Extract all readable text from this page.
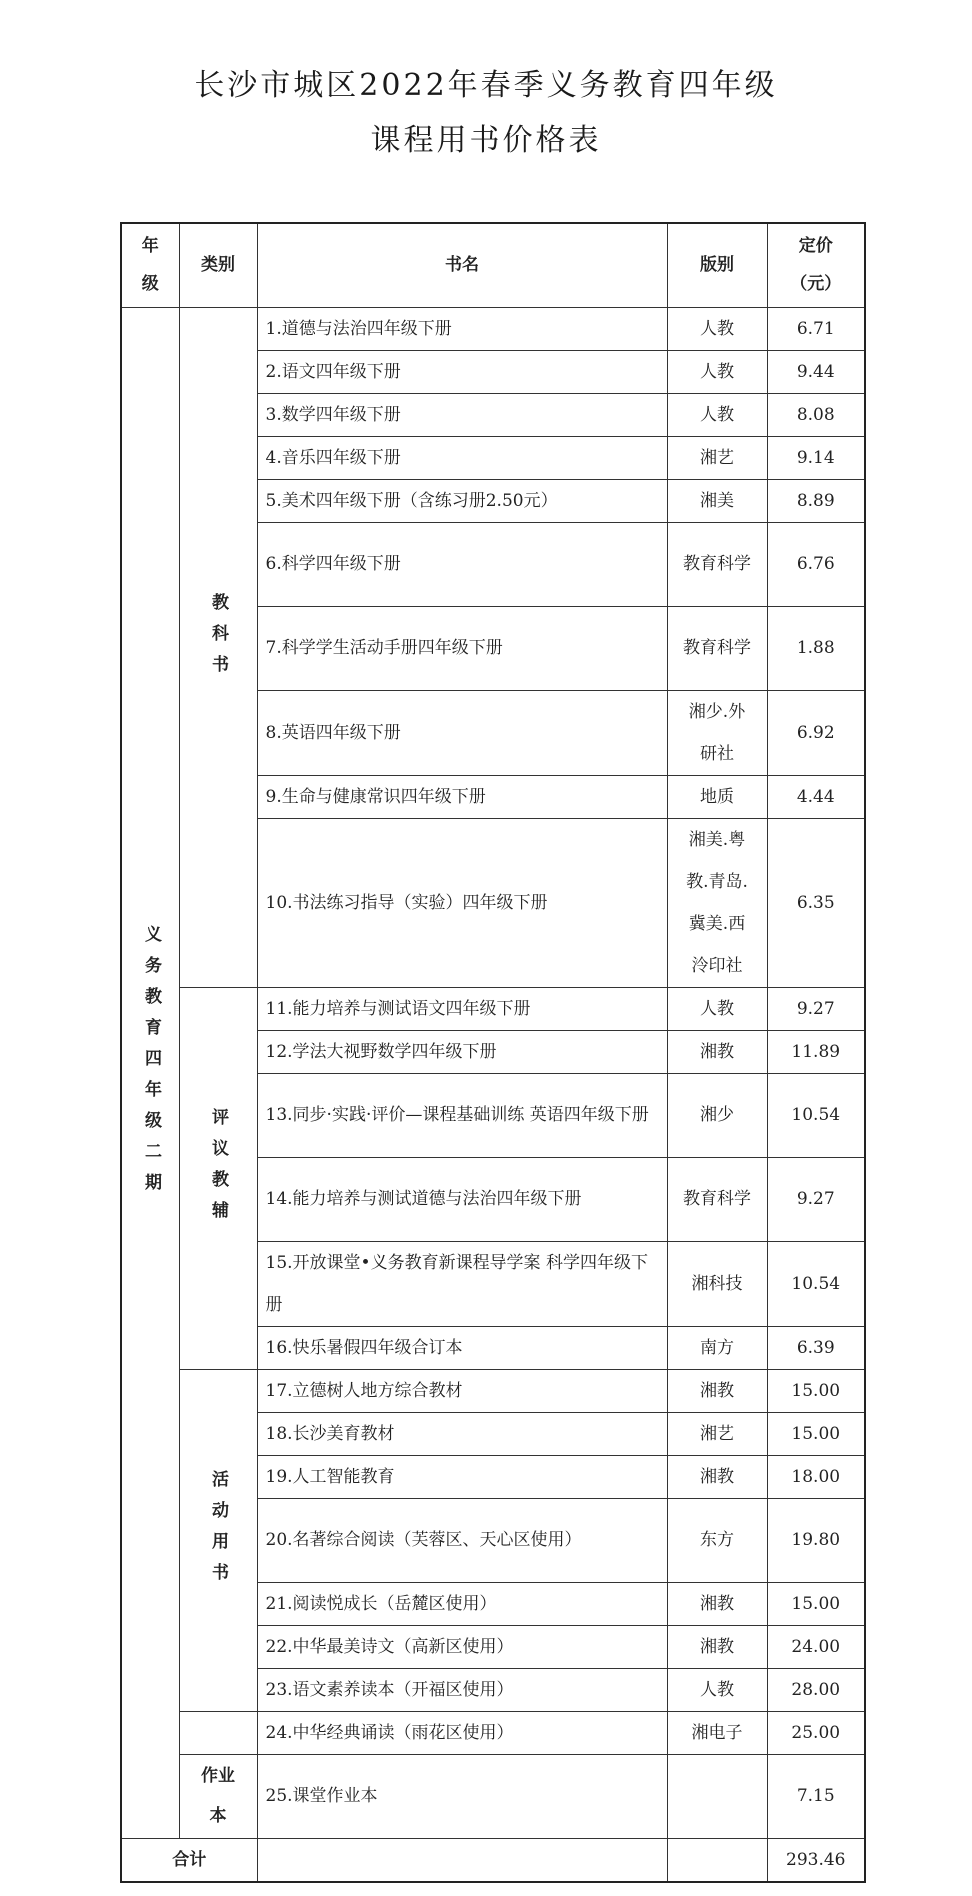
长沙市城区2022年春季义务教育四年级
课程用书价格表
年级	类别	书名	版别	定价（元）
义务教育四年级二期	教科书	1.道德与法治四年级下册	人教	6.71
		2.语文四年级下册	人教	9.44
		3.数学四年级下册	人教	8.08
		4.音乐四年级下册	湘艺	9.14
		5.美术四年级下册（含练习册2.50元）	湘美	8.89
		6.科学四年级下册	教育科学	6.76
		7.科学学生活动手册四年级下册	教育科学	1.88
		8.英语四年级下册	湘少.外研社	6.92
		9.生命与健康常识四年级下册	地质	4.44
		10.书法练习指导（实验）四年级下册	湘美.粤教.青岛.冀美.西泠印社	6.35
	评议教辅	11.能力培养与测试语文四年级下册	人教	9.27
		12.学法大视野数学四年级下册	湘教	11.89
		13.同步·实践·评价—课程基础训练 英语四年级下册	湘少	10.54
		14.能力培养与测试道德与法治四年级下册	教育科学	9.27
		15.开放课堂•义务教育新课程导学案 科学四年级下册	湘科技	10.54
		16.快乐暑假四年级合订本	南方	6.39
	活动用书	17.立德树人地方综合教材	湘教	15.00
		18.长沙美育教材	湘艺	15.00
		19.人工智能教育	湘教	18.00
		20.名著综合阅读（芙蓉区、天心区使用）	东方	19.80
		21.阅读悦成长（岳麓区使用）	湘教	15.00
		22.中华最美诗文（高新区使用）	湘教	24.00
		23.语文素养读本（开福区使用）	人教	28.00
		24.中华经典诵读（雨花区使用）	湘电子	25.00
	作业本	25.课堂作业本		7.15
合计				293.46
